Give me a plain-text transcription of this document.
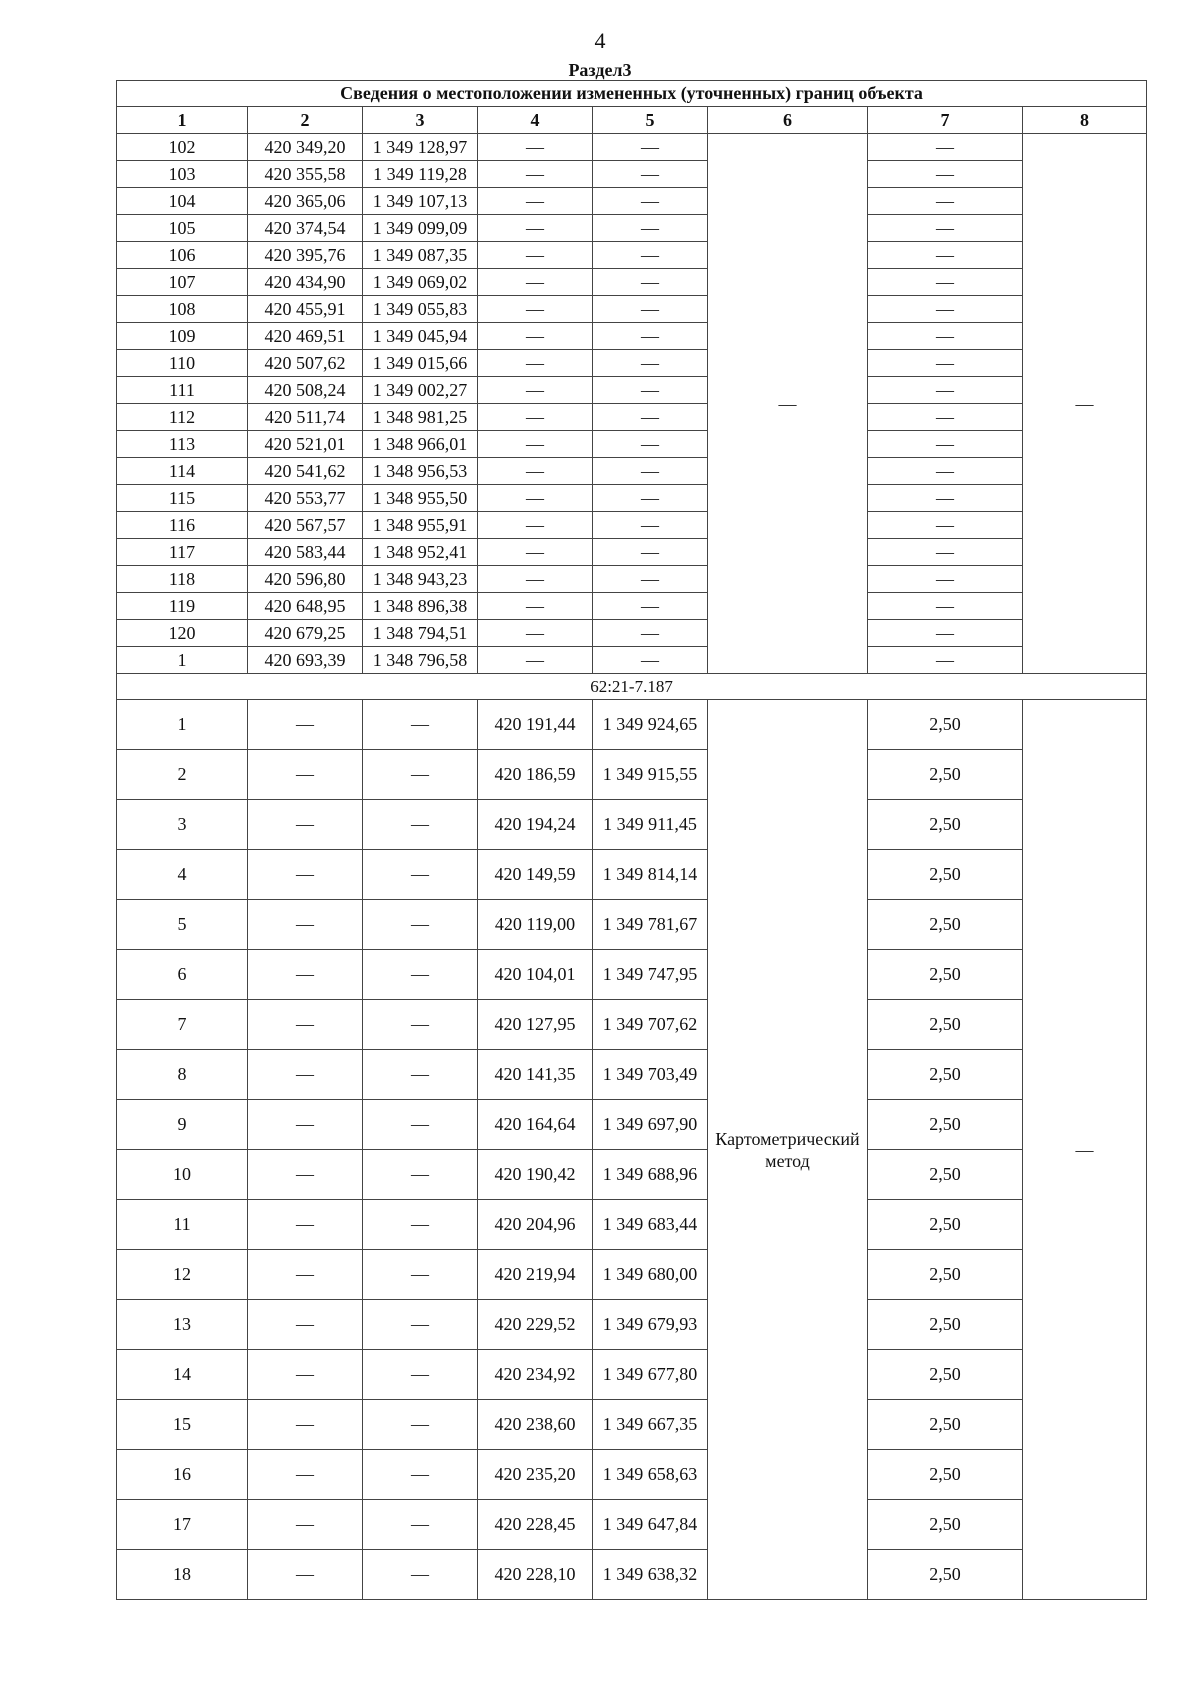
4
Раздел3
Сведения о местоположении измененных (уточненных) границ объекта							
1	2	3	4	5	6	7	8
102	420 349,20	1 349 128,97	—	—	—	—	—
103	420 355,58	1 349 119,28	—	—		—	
104	420 365,06	1 349 107,13	—	—		—	
105	420 374,54	1 349 099,09	—	—		—	
106	420 395,76	1 349 087,35	—	—		—	
107	420 434,90	1 349 069,02	—	—		—	
108	420 455,91	1 349 055,83	—	—		—	
109	420 469,51	1 349 045,94	—	—		—	
110	420 507,62	1 349 015,66	—	—		—	
111	420 508,24	1 349 002,27	—	—		—	
112	420 511,74	1 348 981,25	—	—		—	
113	420 521,01	1 348 966,01	—	—		—	
114	420 541,62	1 348 956,53	—	—		—	
115	420 553,77	1 348 955,50	—	—		—	
116	420 567,57	1 348 955,91	—	—		—	
117	420 583,44	1 348 952,41	—	—		—	
118	420 596,80	1 348 943,23	—	—		—	
119	420 648,95	1 348 896,38	—	—		—	
120	420 679,25	1 348 794,51	—	—		—	
1	420 693,39	1 348 796,58	—	—		—	
62:21-7.187							
1	—	—	420 191,44	1 349 924,65	Картометрический метод	2,50	—
2	—	—	420 186,59	1 349 915,55		2,50	
3	—	—	420 194,24	1 349 911,45		2,50	
4	—	—	420 149,59	1 349 814,14		2,50	
5	—	—	420 119,00	1 349 781,67		2,50	
6	—	—	420 104,01	1 349 747,95		2,50	
7	—	—	420 127,95	1 349 707,62		2,50	
8	—	—	420 141,35	1 349 703,49		2,50	
9	—	—	420 164,64	1 349 697,90		2,50	
10	—	—	420 190,42	1 349 688,96		2,50	
11	—	—	420 204,96	1 349 683,44		2,50	
12	—	—	420 219,94	1 349 680,00		2,50	
13	—	—	420 229,52	1 349 679,93		2,50	
14	—	—	420 234,92	1 349 677,80		2,50	
15	—	—	420 238,60	1 349 667,35		2,50	
16	—	—	420 235,20	1 349 658,63		2,50	
17	—	—	420 228,45	1 349 647,84		2,50	
18	—	—	420 228,10	1 349 638,32		2,50	
